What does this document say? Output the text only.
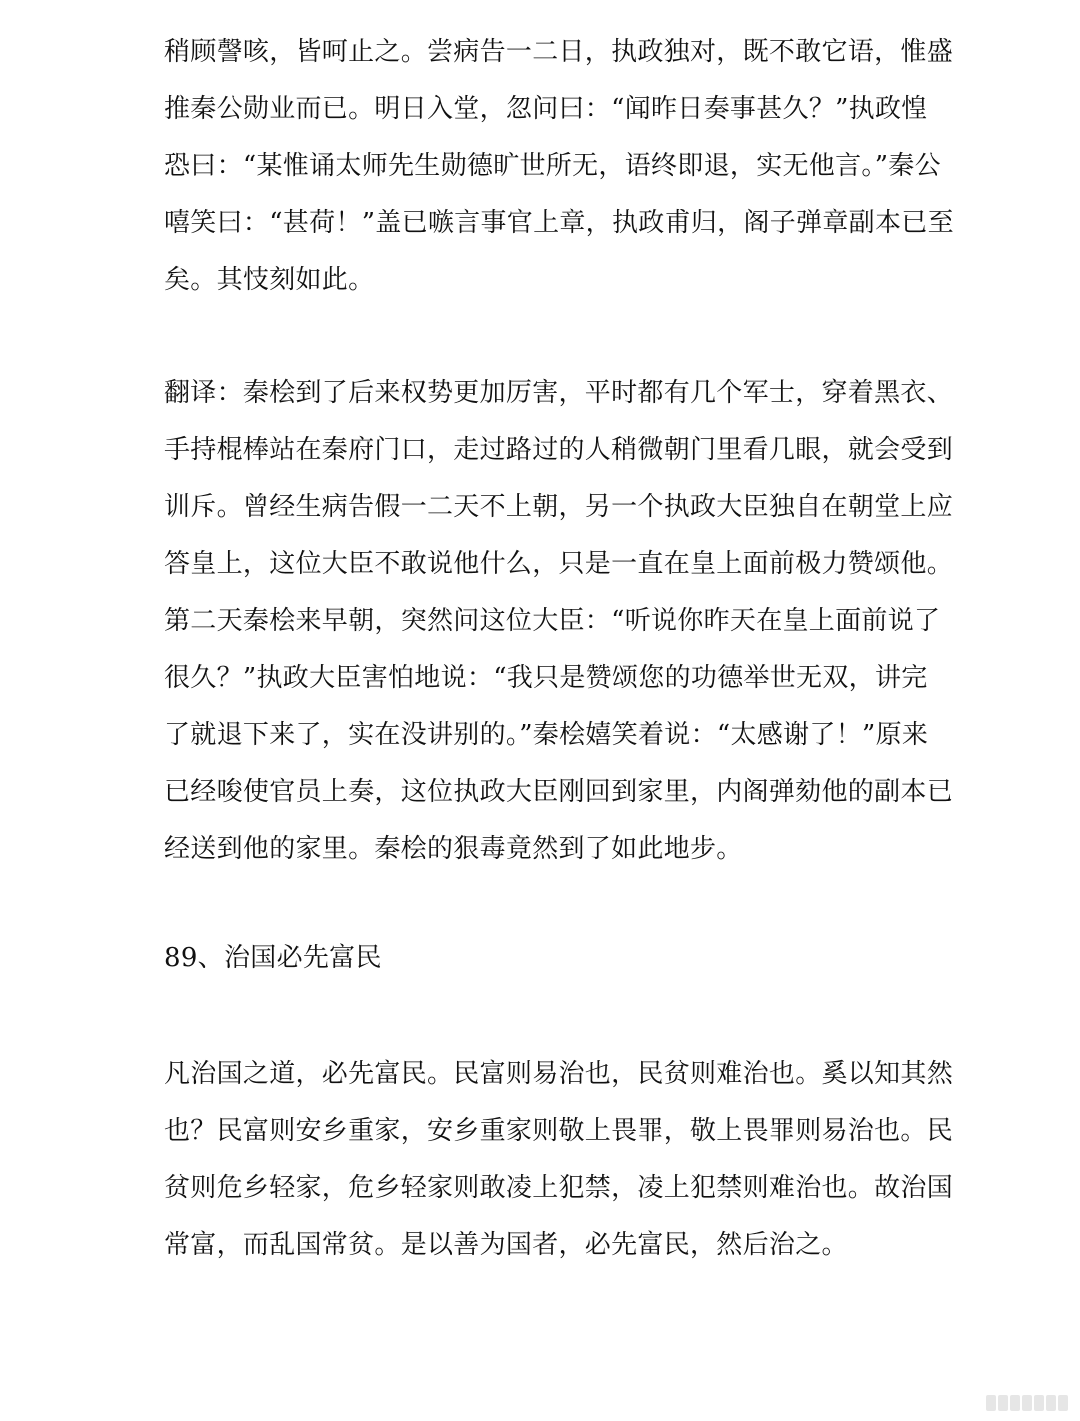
稍顾謦咳，皆呵止之。尝病告一二日，执政独对，既不敢它语，惟盛
推秦公勋业而已。明日入堂，忽问曰：“闻昨日奏事甚久？”执政惶
恐曰：“某惟诵太师先生勋德旷世所无，语终即退，实无他言。”秦公
嘻笑曰：“甚荷！”盖已嗾言事官上章，执政甫归，阁子弹章副本已至
矣。其忮刻如此。

翻译：秦桧到了后来权势更加厉害，平时都有几个军士，穿着黑衣、
手持棍棒站在秦府门口，走过路过的人稍微朝门里看几眼，就会受到
训斥。曾经生病告假一二天不上朝，另一个执政大臣独自在朝堂上应
答皇上，这位大臣不敢说他什么，只是一直在皇上面前极力赞颂他。
第二天秦桧来早朝，突然问这位大臣：“听说你昨天在皇上面前说了
很久？”执政大臣害怕地说：“我只是赞颂您的功德举世无双，讲完
了就退下来了，实在没讲别的。”秦桧嬉笑着说：“太感谢了！”原来
已经唆使官员上奏，这位执政大臣刚回到家里，内阁弹劾他的副本已
经送到他的家里。秦桧的狠毒竟然到了如此地步。

89、治国必先富民

凡治国之道，必先富民。民富则易治也，民贫则难治也。奚以知其然
也？民富则安乡重家，安乡重家则敬上畏罪，敬上畏罪则易治也。民
贫则危乡轻家，危乡轻家则敢凌上犯禁，凌上犯禁则难治也。故治国
常富，而乱国常贫。是以善为国者，必先富民，然后治之。
